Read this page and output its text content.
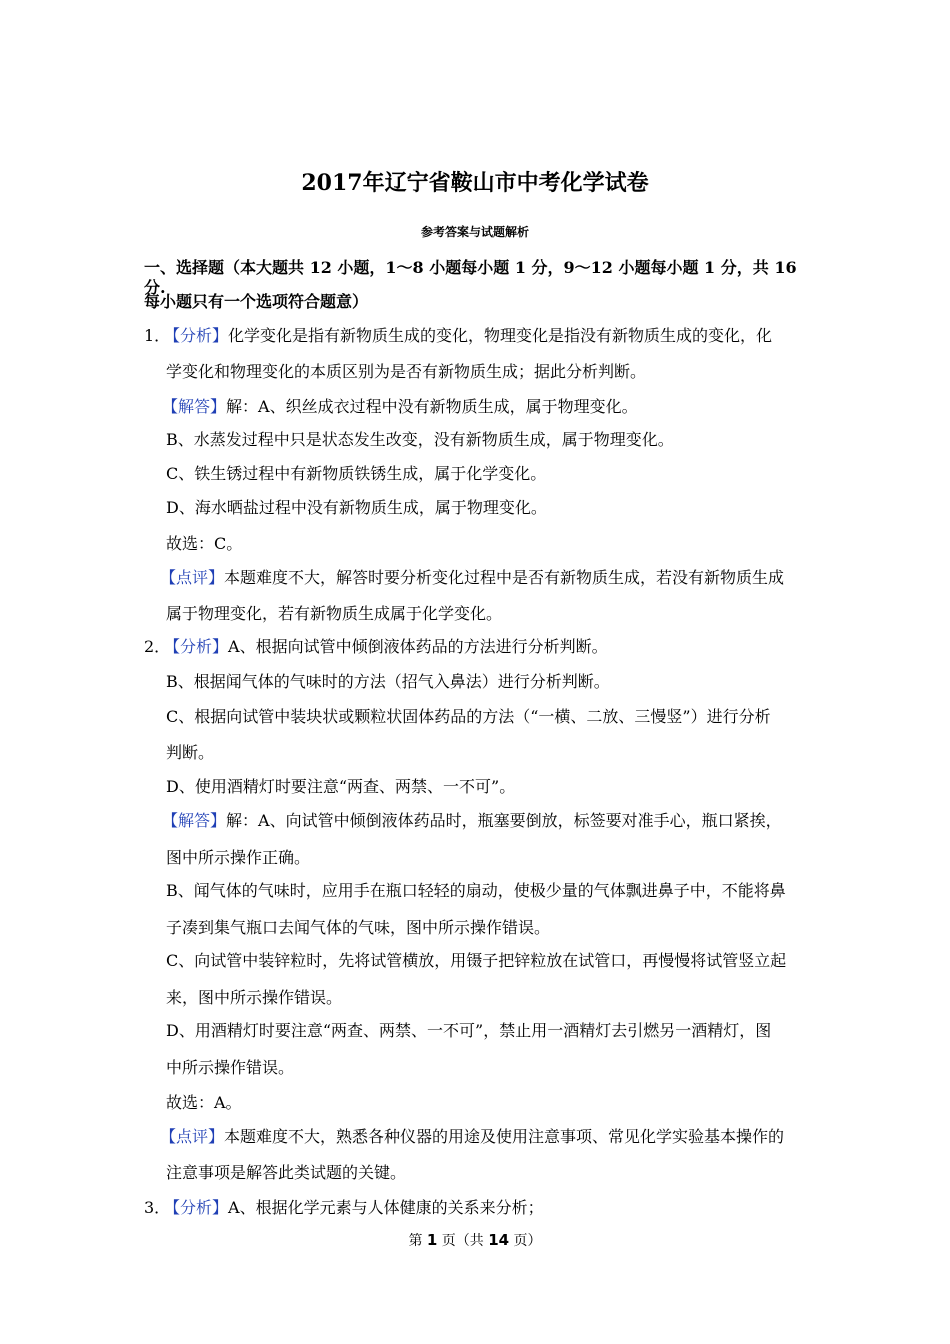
2017年辽宁省鞍山市中考化学试卷
参考答案与试题解析
一、选择题（本大题共 12 小题，1～8 小题每小题 1 分，9～12 小题每小题 1 分，共 16 分.
每小题只有一个选项符合题意）
1．
【分析】化学变化是指有新物质生成的变化，物理变化是指没有新物质生成的变化，化
学变化和物理变化的本质区别为是否有新物质生成；据此分析判断。
【解答】解：A、织丝成衣过程中没有新物质生成，属于物理变化。
B、水蒸发过程中只是状态发生改变，没有新物质生成，属于物理变化。
C、铁生锈过程中有新物质铁锈生成，属于化学变化。
D、海水晒盐过程中没有新物质生成，属于物理变化。
故选：C。
【点评】本题难度不大，解答时要分析变化过程中是否有新物质生成，若没有新物质生成
属于物理变化，若有新物质生成属于化学变化。
2．
【分析】A、根据向试管中倾倒液体药品的方法进行分析判断。
B、根据闻气体的气味时的方法（招气入鼻法）进行分析判断。
C、根据向试管中装块状或颗粒状固体药品的方法（“一横、二放、三慢竖”）进行分析
判断。
D、使用酒精灯时要注意“两查、两禁、一不可”。
【解答】解：A、向试管中倾倒液体药品时，瓶塞要倒放，标签要对准手心，瓶口紧挨，
图中所示操作正确。
B、闻气体的气味时，应用手在瓶口轻轻的扇动，使极少量的气体飘进鼻子中，不能将鼻
子凑到集气瓶口去闻气体的气味，图中所示操作错误。
C、向试管中装锌粒时，先将试管横放，用镊子把锌粒放在试管口，再慢慢将试管竖立起
来，图中所示操作错误。
D、用酒精灯时要注意“两查、两禁、一不可”，禁止用一酒精灯去引燃另一酒精灯，图
中所示操作错误。
故选：A。
【点评】本题难度不大，熟悉各种仪器的用途及使用注意事项、常见化学实验基本操作的
注意事项是解答此类试题的关键。
3．
【分析】A、根据化学元素与人体健康的关系来分析；
第 1 页（共 14 页）
